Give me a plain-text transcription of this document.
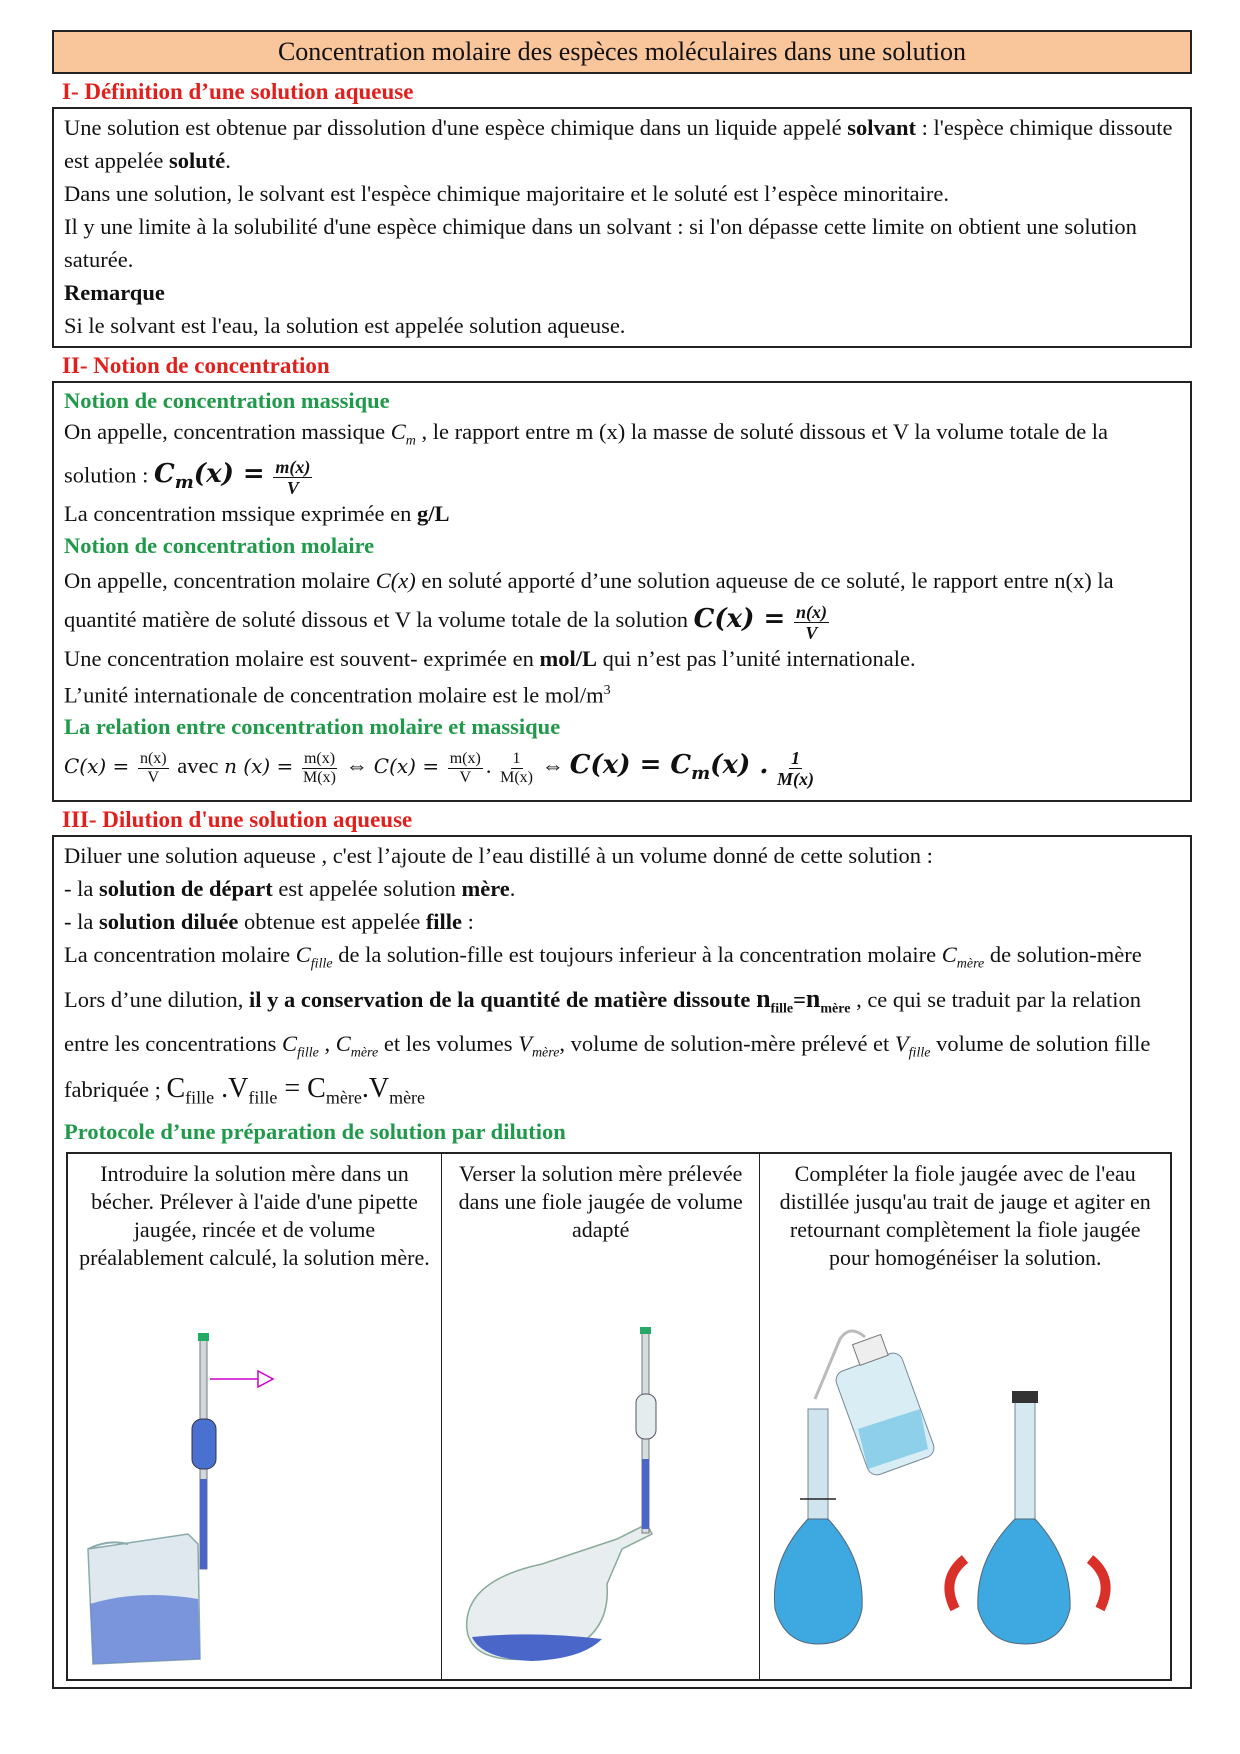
Concentration molaire des espèces moléculaires dans une solution
I- Définition d’une solution aqueuse

Une solution est obtenue par dissolution d'une espèce chimique dans un liquide appelé solvant : l'espèce chimique dissoute est appelée soluté.

Dans une solution, le solvant est l'espèce chimique majoritaire et le soluté est l’espèce minoritaire.

Il y une limite à la solubilité d'une espèce chimique dans un solvant : si l'on dépasse cette limite on obtient une solution saturée.

Remarque

Si le solvant est l'eau, la solution est appelée solution aqueuse.

II- Notion de concentration

Notion de concentration massique

On appelle, concentration massique $C_m$ , le rapport entre m (x) la masse de soluté dissous et V la volume totale de la solution : $C_m(x) = \frac{m(x)}{V}$

La concentration mssique exprimée en g/L

Notion de concentration molaire

On appelle, concentration molaire C(x) en soluté apporté d’une solution aqueuse de ce soluté, le rapport entre n(x) la quantité matière de soluté dissous et V la volume totale de la solution $C(x) = \frac{n(x)}{V}$

Une concentration molaire est souvent- exprimée en mol/L qui n’est pas l’unité internationale.

L’unité internationale de concentration molaire est le mol/$m^3$

La relation entre concentration molaire et massique

$C(x) = \frac{n(x)}{V}$ avec n $(x) = \frac{m(x)}{M(x)}$ ⇔ $C(x) = \frac{m(x)}{V}$ . $\frac{1}{M(x)}$ ⇔ $C(x) = C_m(x)$ . $\frac{1}{M(x)}$

III- Dilution d'une solution aqueuse

Diluer une solution aqueuse , c'est l’ajoute de l’eau distillé à un volume donné de cette solution :

- la solution de départ est appelée solution mère.

- la solution diluée obtenue est appelée fille :

La concentration molaire $C_{fille}$ de la solution-fille est toujours inferieur à la concentration molaire $C_{mère}$ de solution-mère

Lors d’une dilution, il y a conservation de la quantité de matière dissoute $n_{fille}=n_{mère}$ , ce qui se traduit par la relation entre les concentrations $C_{fille}$ , $C_{mère}$ et les volumes $V_{mère}$, volume de solution-mère prélevé et $V_{fille}$ volume de solution fille fabriquée ; $C_{fille}$ $.V_{fille} = C_{mère}.V_{mère}$

Protocole d’une préparation de solution par dilution

Introduire la solution mère dans un bécher. Prélever à l'aide d'une pipette jaugée, rincée et de volume préalablement calculé, la solution mère.
Verser la solution mère prélevée dans une fiole jaugée de volume adapté
Compléter la fiole jaugée avec de l'eau distillée jusqu'au trait de jauge et agiter en retournant complètement la fiole jaugée pour homogénéiser la solution.
